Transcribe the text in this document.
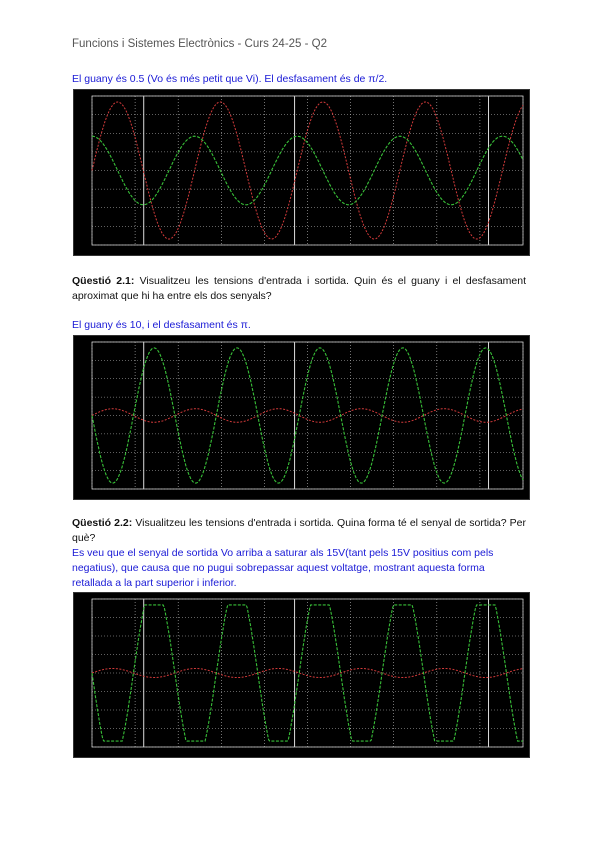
Funcions i Sistemes Electrònics - Curs 24-25 - Q2
El guany és 0.5 (Vo és més petit que Vi). El desfasament és de π/2.
Qüestió 2.1: Visualitzeu les tensions d'entrada i sortida. Quin és el guany i el desfasament aproximat que hi ha entre els dos senyals?
El guany és 10, i el desfasament és π.
Qüestió 2.2: Visualitzeu les tensions d'entrada i sortida. Quina forma té el senyal de sortida? Per què?
Es veu que el senyal de sortida Vo arriba a saturar als 15V(tant pels 15V positius com pels negatius), que causa que no pugui sobrepassar aquest voltatge, mostrant aquesta forma retallada a la part superior i inferior.
